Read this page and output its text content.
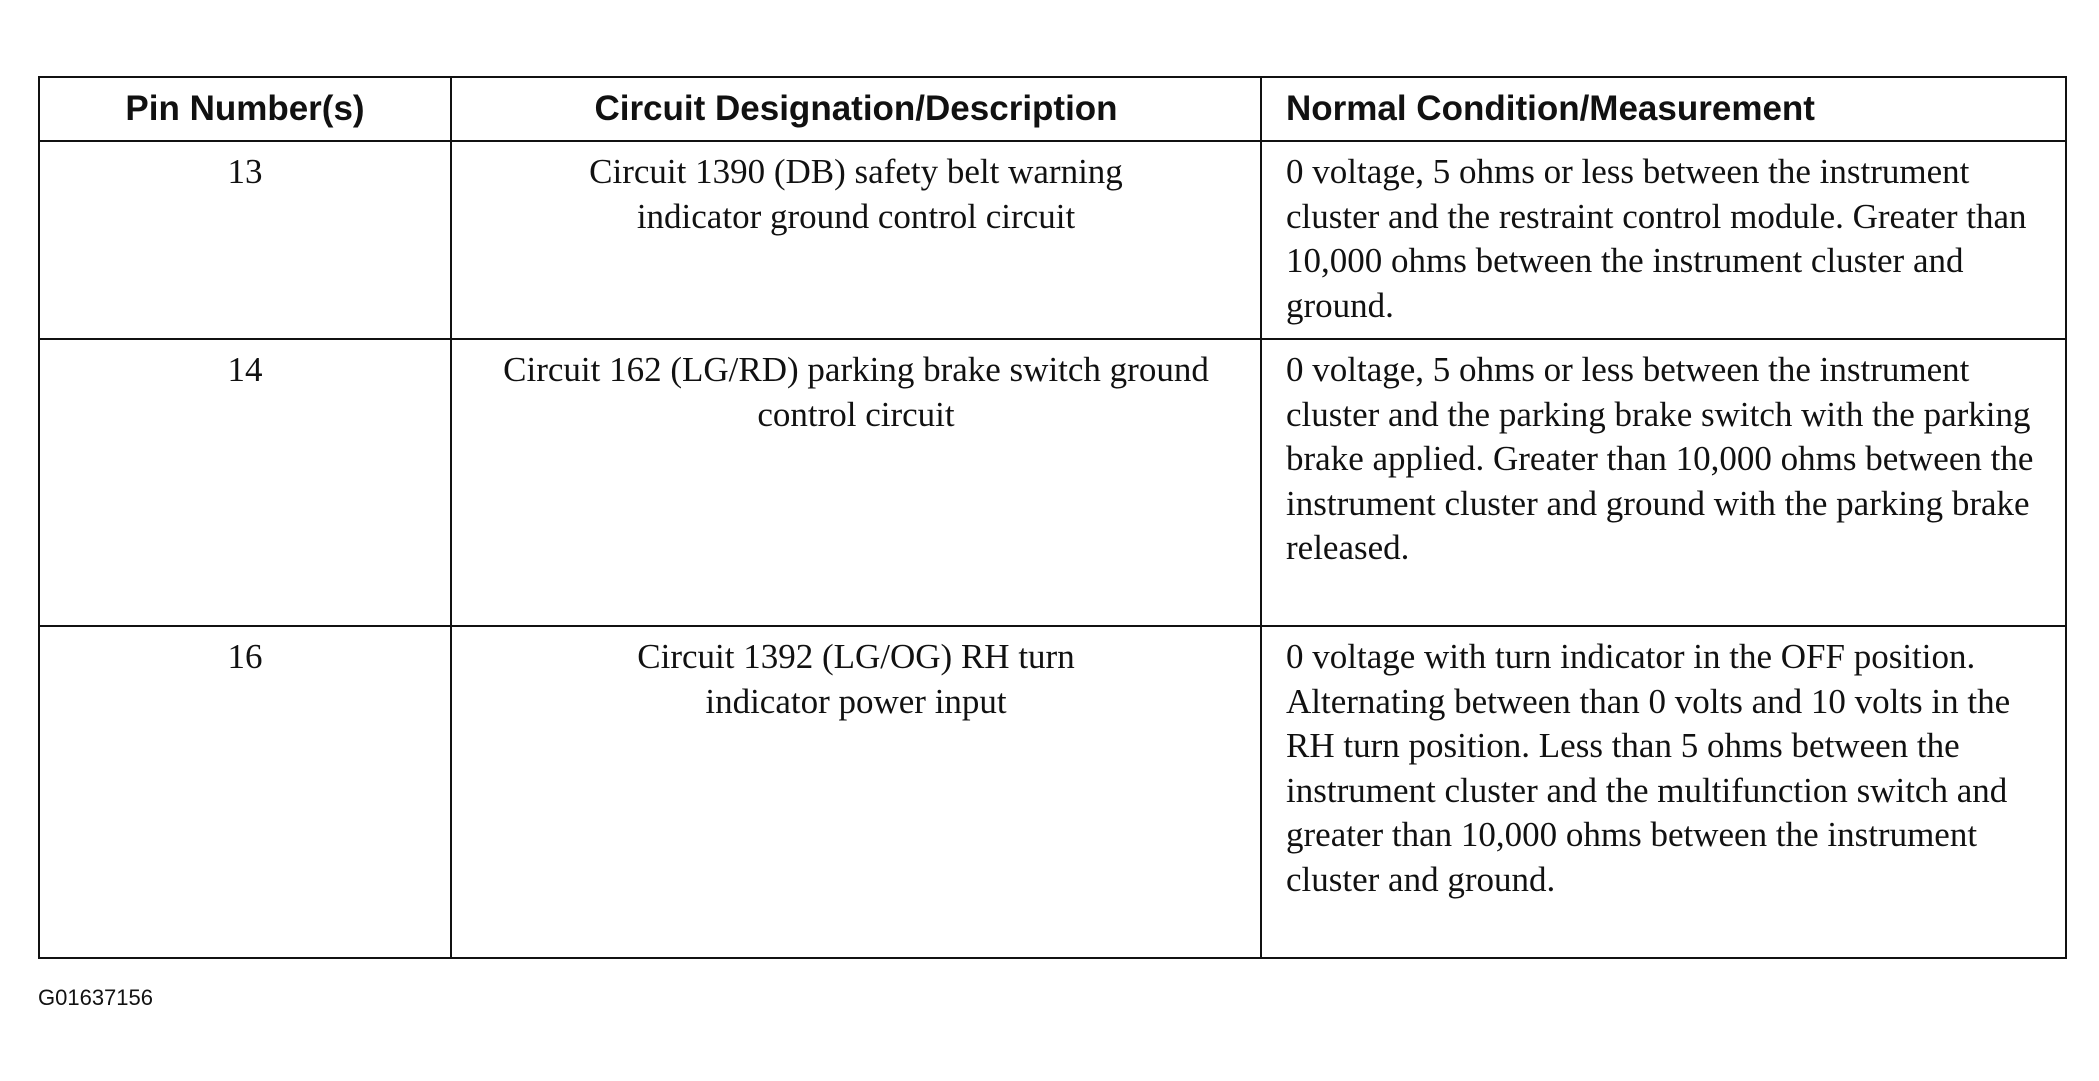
Pin Number(s)	Circuit Designation/Description	Normal Condition/Measurement
13	Circuit 1390 (DB) safety belt warning indicator ground control circuit	0 voltage, 5 ohms or less between the instrument cluster and the restraint control module. Greater than 10,000 ohms between the instrument cluster and ground.
14	Circuit 162 (LG/RD) parking brake switch ground control circuit	0 voltage, 5 ohms or less between the instrument cluster and the parking brake switch with the parking brake applied. Greater than 10,000 ohms between the instrument cluster and ground with the parking brake released.
16	Circuit 1392 (LG/OG) RH turn indicator power input	0 voltage with turn indicator in the OFF position. Alternating between than 0 volts and 10 volts in the RH turn position. Less than 5 ohms between the instrument cluster and the multifunction switch and greater than 10,000 ohms between the instrument cluster and ground.
G01637156
